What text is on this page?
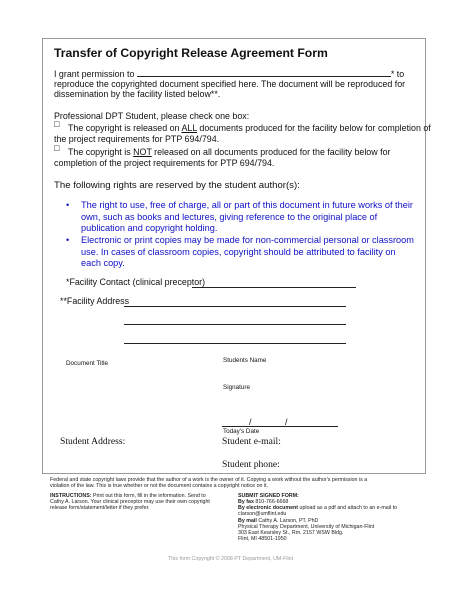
Transfer of Copyright Release Agreement Form
I grant permission to	* to
reproduce the copyrighted document specified here. The document will be reproduced for
dissemination by the facility listed below**.
Professional DPT Student, please check one box:
□ The copyright is released on ALL documents produced for the facility below for completion of
the project requirements for PTP 694/794.
□ The copyright is NOT released on all documents produced for the facility below for
completion of the project requirements for PTP 694/794.
The following rights are reserved by the student author(s):
• The right to use, free of charge, all or part of this document in future works of their
own, such as books and lectures, giving reference to the original place of
publication and copyright holding.
• Electronic or print copies may be made for non-commercial personal or classroom
use. In cases of classroom copies, copyright should be attributed to facility on
each copy.
*Facility Contact (clinical preceptor)
**Facility Address
Document Title	Students Name
Signature
/	/
Today's Date
Student Address:	Student e-mail:
Student phone:
Federal and state copyright laws provide that the author of a work is the owner of it. Copying a work without the author's permission is a
violation of the law. This is true whether or not the document contains a copyright notice on it.
INSTRUCTIONS: Print out this form, fill in the information. Send to
Cathy A. Larson. Your clinical preceptor may use their own copyright
release form/statement/letter if they prefer.
SUBMIT SIGNED FORM:
By fax 810-766-6668
By electronic document upload as a pdf and attach to an e-mail to
clarson@umflint.edu
By mail Cathy A. Larson, PT, PhD
Physical Therapy Department, University of Michigan-Flint
303 East Kearsley St., Rm. 2157 WSW Bldg.
Flint, MI 48501-1950
This form Copyright © 2008 PT Department, UM-Flint
